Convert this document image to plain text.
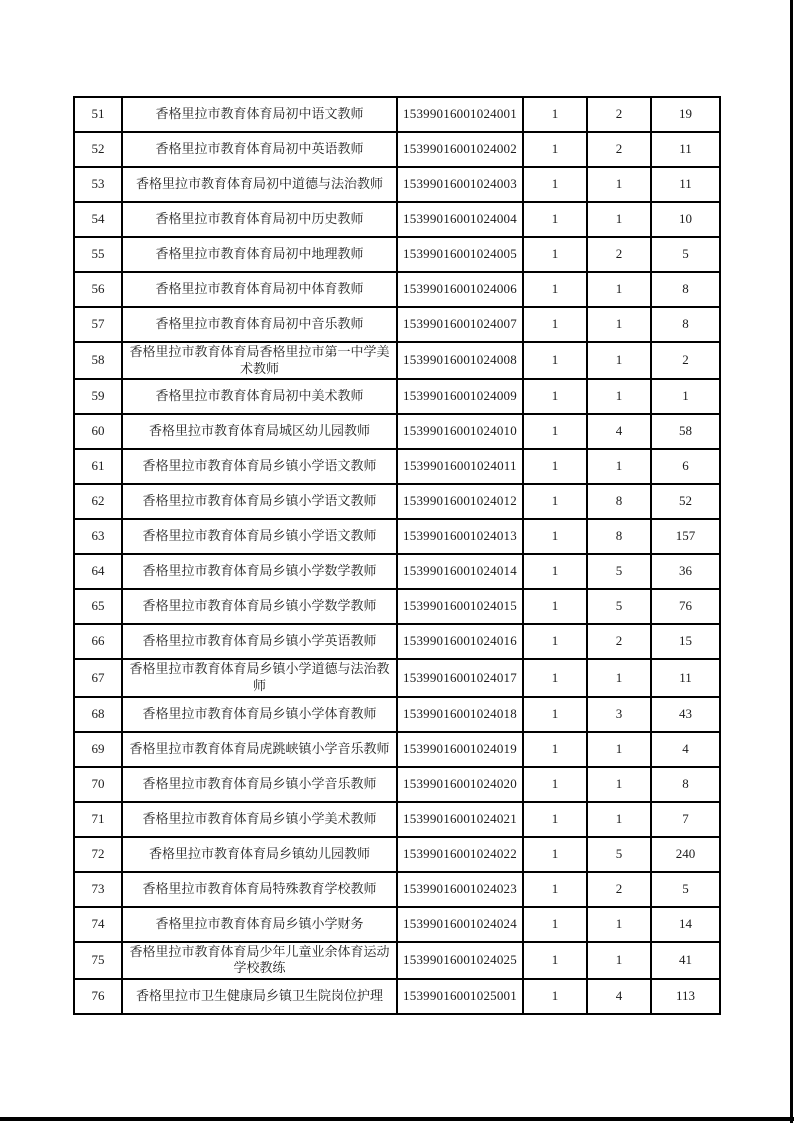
51	香格里拉市教育体育局初中语文教师	15399016001024001	1	2	19
52	香格里拉市教育体育局初中英语教师	15399016001024002	1	2	11
53	香格里拉市教育体育局初中道德与法治教师	15399016001024003	1	1	11
54	香格里拉市教育体育局初中历史教师	15399016001024004	1	1	10
55	香格里拉市教育体育局初中地理教师	15399016001024005	1	2	5
56	香格里拉市教育体育局初中体育教师	15399016001024006	1	1	8
57	香格里拉市教育体育局初中音乐教师	15399016001024007	1	1	8
58	香格里拉市教育体育局香格里拉市第一中学美术教师	15399016001024008	1	1	2
59	香格里拉市教育体育局初中美术教师	15399016001024009	1	1	1
60	香格里拉市教育体育局城区幼儿园教师	15399016001024010	1	4	58
61	香格里拉市教育体育局乡镇小学语文教师	15399016001024011	1	1	6
62	香格里拉市教育体育局乡镇小学语文教师	15399016001024012	1	8	52
63	香格里拉市教育体育局乡镇小学语文教师	15399016001024013	1	8	157
64	香格里拉市教育体育局乡镇小学数学教师	15399016001024014	1	5	36
65	香格里拉市教育体育局乡镇小学数学教师	15399016001024015	1	5	76
66	香格里拉市教育体育局乡镇小学英语教师	15399016001024016	1	2	15
67	香格里拉市教育体育局乡镇小学道德与法治教师	15399016001024017	1	1	11
68	香格里拉市教育体育局乡镇小学体育教师	15399016001024018	1	3	43
69	香格里拉市教育体育局虎跳峡镇小学音乐教师	15399016001024019	1	1	4
70	香格里拉市教育体育局乡镇小学音乐教师	15399016001024020	1	1	8
71	香格里拉市教育体育局乡镇小学美术教师	15399016001024021	1	1	7
72	香格里拉市教育体育局乡镇幼儿园教师	15399016001024022	1	5	240
73	香格里拉市教育体育局特殊教育学校教师	15399016001024023	1	2	5
74	香格里拉市教育体育局乡镇小学财务	15399016001024024	1	1	14
75	香格里拉市教育体育局少年儿童业余体育运动学校教练	15399016001024025	1	1	41
76	香格里拉市卫生健康局乡镇卫生院岗位护理	15399016001025001	1	4	113
